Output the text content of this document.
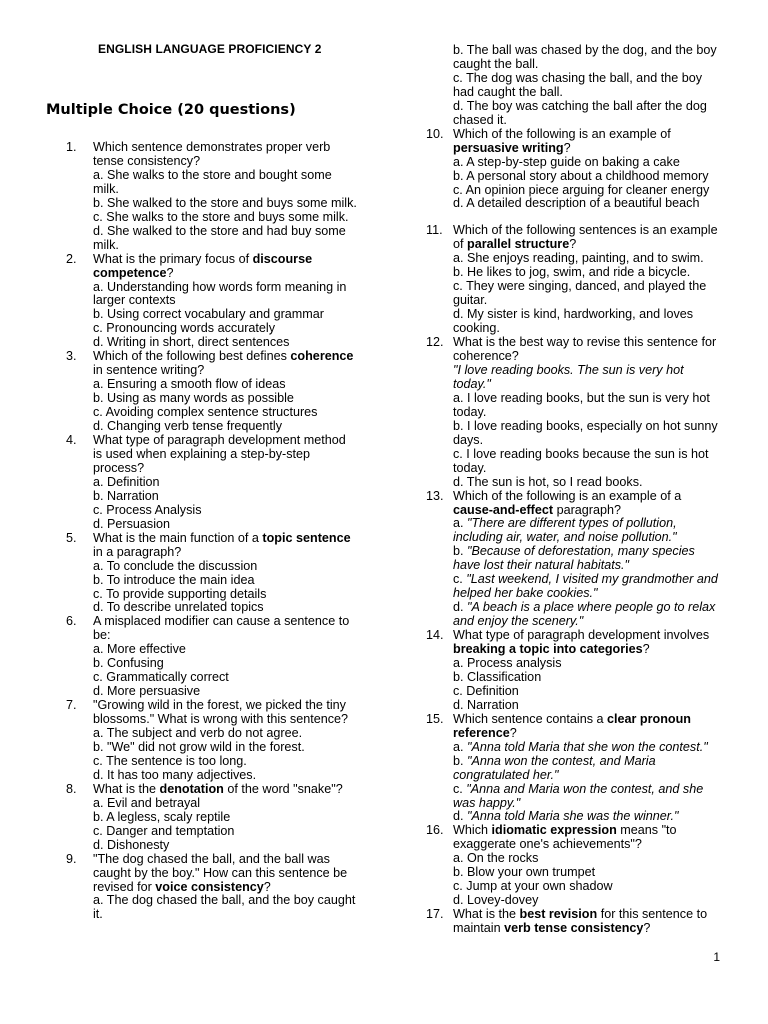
ENGLISH LANGUAGE PROFICIENCY 2
Multiple Choice (20 questions)
1.	Which sentence demonstrates proper verb tense consistency?
a. She walks to the store and bought some milk.
b. She walked to the store and buys some milk.
c. She walks to the store and buys some milk.
d. She walked to the store and had buy some milk.
2.	What is the primary focus of discourse competence?
a. Understanding how words form meaning in larger contexts
b. Using correct vocabulary and grammar
c. Pronouncing words accurately
d. Writing in short, direct sentences
3.	Which of the following best defines coherence in sentence writing?
a. Ensuring a smooth flow of ideas
b. Using as many words as possible
c. Avoiding complex sentence structures
d. Changing verb tense frequently
4.	What type of paragraph development method is used when explaining a step-by-step process?
a. Definition
b. Narration
c. Process Analysis
d. Persuasion
5.	What is the main function of a topic sentence in a paragraph?
a. To conclude the discussion
b. To introduce the main idea
c. To provide supporting details
d. To describe unrelated topics
6.	A misplaced modifier can cause a sentence to be:
a. More effective
b. Confusing
c. Grammatically correct
d. More persuasive
7.	"Growing wild in the forest, we picked the tiny blossoms." What is wrong with this sentence?
a. The subject and verb do not agree.
b. "We" did not grow wild in the forest.
c. The sentence is too long.
d. It has too many adjectives.
8.	What is the denotation of the word "snake"?
a. Evil and betrayal
b. A legless, scaly reptile
c. Danger and temptation
d. Dishonesty
9.	"The dog chased the ball, and the ball was caught by the boy." How can this sentence be revised for voice consistency?
a. The dog chased the ball, and the boy caught it.
b. The ball was chased by the dog, and the boy caught the ball.
c. The dog was chasing the ball, and the boy had caught the ball.
d. The boy was catching the ball after the dog chased it.
10. Which of the following is an example of persuasive writing?
a. A step-by-step guide on baking a cake
b. A personal story about a childhood memory
c. An opinion piece arguing for cleaner energy
d. A detailed description of a beautiful beach
11. Which of the following sentences is an example of parallel structure?
a. She enjoys reading, painting, and to swim.
b. He likes to jog, swim, and ride a bicycle.
c. They were singing, danced, and played the guitar.
d. My sister is kind, hardworking, and loves cooking.
12. What is the best way to revise this sentence for coherence?
"I love reading books. The sun is very hot today."
a. I love reading books, but the sun is very hot today.
b. I love reading books, especially on hot sunny days.
c. I love reading books because the sun is hot today.
d. The sun is hot, so I read books.
13. Which of the following is an example of a cause-and-effect paragraph?
a. "There are different types of pollution, including air, water, and noise pollution."
b. "Because of deforestation, many species have lost their natural habitats."
c. "Last weekend, I visited my grandmother and helped her bake cookies."
d. "A beach is a place where people go to relax and enjoy the scenery."
14. What type of paragraph development involves breaking a topic into categories?
a. Process analysis
b. Classification
c. Definition
d. Narration
15. Which sentence contains a clear pronoun reference?
a. "Anna told Maria that she won the contest."
b. "Anna won the contest, and Maria congratulated her."
c. "Anna and Maria won the contest, and she was happy."
d. "Anna told Maria she was the winner."
16. Which idiomatic expression means "to exaggerate one's achievements"?
a. On the rocks
b. Blow your own trumpet
c. Jump at your own shadow
d. Lovey-dovey
17. What is the best revision for this sentence to maintain verb tense consistency?
1
